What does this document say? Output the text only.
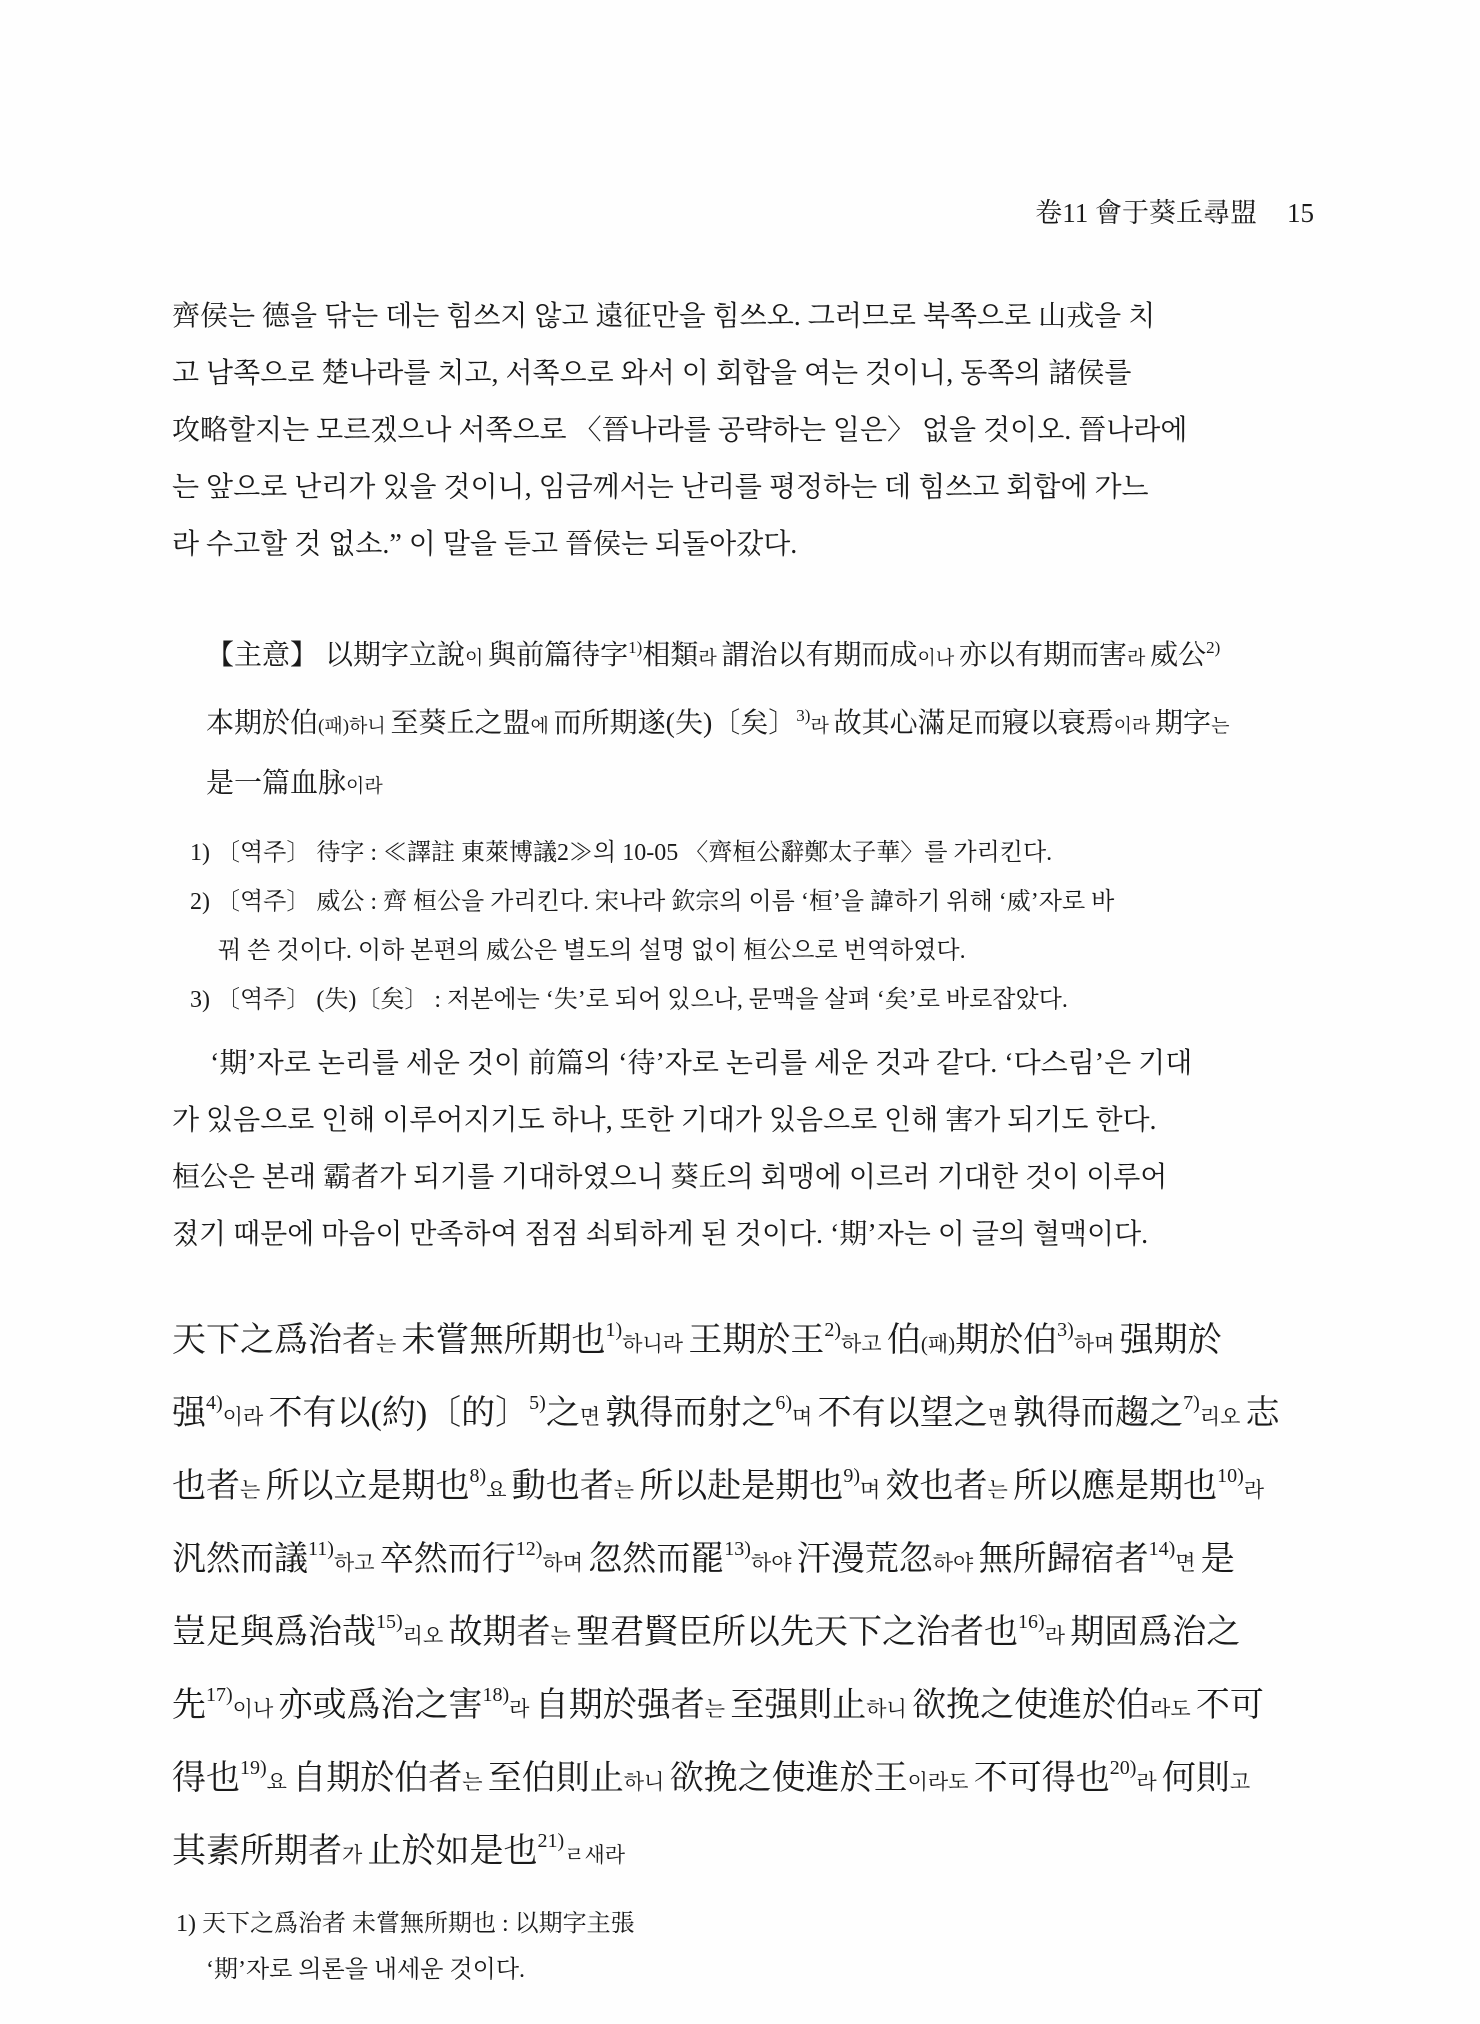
卷11 會于葵丘尋盟 15
齊侯는 德을 닦는 데는 힘쓰지 않고 遠征만을 힘쓰오. 그러므로 북쪽으로 山戎을 치
고 남쪽으로 楚나라를 치고, 서쪽으로 와서 이 회합을 여는 것이니, 동쪽의 諸侯를
攻略할지는 모르겠으나 서쪽으로 〈晉나라를 공략하는 일은〉 없을 것이오. 晉나라에
는 앞으로 난리가 있을 것이니, 임금께서는 난리를 평정하는 데 힘쓰고 회합에 가느
라 수고할 것 없소.” 이 말을 듣고 晉侯는 되돌아갔다.
【主意】 以期字立說이 與前篇待字$^{1)}$相類라 謂治以有期而成이나 亦以有期而害라 威公$^{2)}$
本期於伯(패)하니 至葵丘之盟에 而所期遂(失)〔矣〕$^{3)}$라 故其心滿足而寢以衰焉이라 期字는
是一篇血脉이라
1) 〔역주〕 待字 : ≪譯註 東萊博議2≫의 10-05 〈齊桓公辭鄭太子華〉를 가리킨다.
2) 〔역주〕 威公 : 齊 桓公을 가리킨다. 宋나라 欽宗의 이름 ‘桓’을 諱하기 위해 ‘威’자로 바
꿔 쓴 것이다. 이하 본편의 威公은 별도의 설명 없이 桓公으로 번역하였다.
3) 〔역주〕 (失)〔矣〕 : 저본에는 ‘失’로 되어 있으나, 문맥을 살펴 ‘矣’로 바로잡았다.
‘期’자로 논리를 세운 것이 前篇의 ‘待’자로 논리를 세운 것과 같다. ‘다스림’은 기대
가 있음으로 인해 이루어지기도 하나, 또한 기대가 있음으로 인해 害가 되기도 한다.
桓公은 본래 霸者가 되기를 기대하였으니 葵丘의 회맹에 이르러 기대한 것이 이루어
졌기 때문에 마음이 만족하여 점점 쇠퇴하게 된 것이다. ‘期’자는 이 글의 혈맥이다.
天下之爲治者는 未嘗無所期也$^{1)}$하니라 王期於王$^{2)}$하고 伯(패)期於伯$^{3)}$하며 强期於
强$^{4)}$이라 不有以(約)〔的〕$^{5)}$之면 孰得而射之$^{6)}$며 不有以望之면 孰得而趨之$^{7)}$리오 志
也者는 所以立是期也$^{8)}$요 動也者는 所以赴是期也$^{9)}$며 效也者는 所以應是期也$^{10)}$라
汎然而議$^{11)}$하고 卒然而行$^{12)}$하며 忽然而罷$^{13)}$하야 汗漫荒忽하야 無所歸宿者$^{14)}$면 是
豈足與爲治哉$^{15)}$리오 故期者는 聖君賢臣所以先天下之治者也$^{16)}$라 期固爲治之
先$^{17)}$이나 亦或爲治之害$^{18)}$라 自期於强者는 至强則止하니 欲挽之使進於伯라도 不可
得也$^{19)}$요 自期於伯者는 至伯則止하니 欲挽之使進於王이라도 不可得也$^{20)}$라 何則고
其素所期者가 止於如是也$^{21)}$ㄹ새라
1) 天下之爲治者 未嘗無所期也 : 以期字主張
‘期’자로 의론을 내세운 것이다.
